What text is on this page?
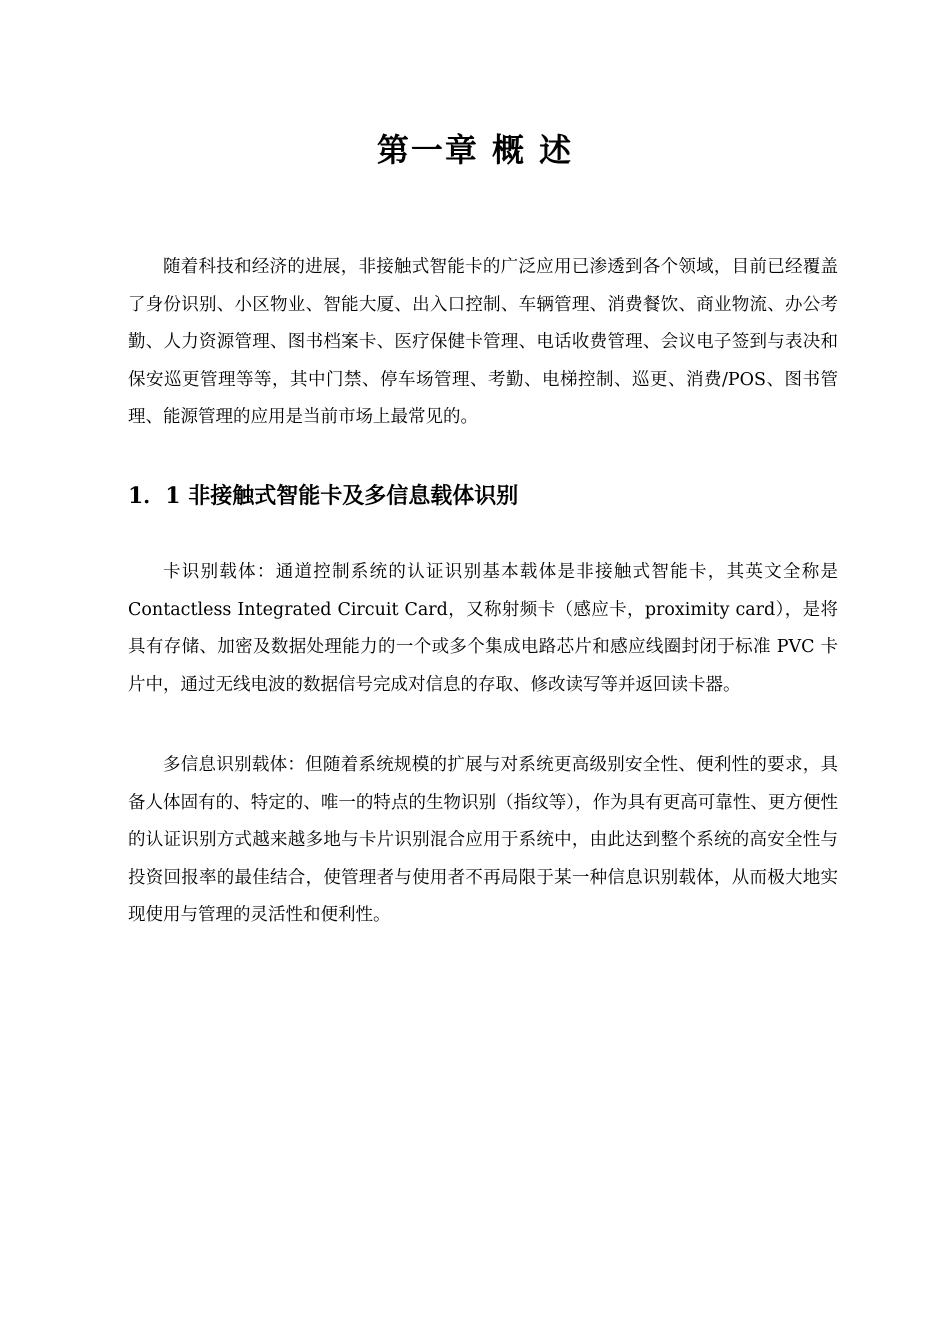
第一章 概 述

随着科技和经济的进展，非接触式智能卡的广泛应用已渗透到各个领域，目前已经覆盖了身份识别、小区物业、智能大厦、出入口控制、车辆管理、消费餐饮、商业物流、办公考勤、人力资源管理、图书档案卡、医疗保健卡管理、电话收费管理、会议电子签到与表决和保安巡更管理等等，其中门禁、停车场管理、考勤、电梯控制、巡更、消费/POS、图书管理、能源管理的应用是当前市场上最常见的。

1．1 非接触式智能卡及多信息载体识别

卡识别载体：通道控制系统的认证识别基本载体是非接触式智能卡，其英文全称是 Contactless Integrated Circuit Card，又称射频卡（感应卡，proximity card），是将具有存储、加密及数据处理能力的一个或多个集成电路芯片和感应线圈封闭于标准 PVC 卡片中，通过无线电波的数据信号完成对信息的存取、修改读写等并返回读卡器。

多信息识别载体：但随着系统规模的扩展与对系统更高级别安全性、便利性的要求，具备人体固有的、特定的、唯一的特点的生物识别（指纹等），作为具有更高可靠性、更方便性的认证识别方式越来越多地与卡片识别混合应用于系统中，由此达到整个系统的高安全性与投资回报率的最佳结合，使管理者与使用者不再局限于某一种信息识别载体，从而极大地实现使用与管理的灵活性和便利性。
